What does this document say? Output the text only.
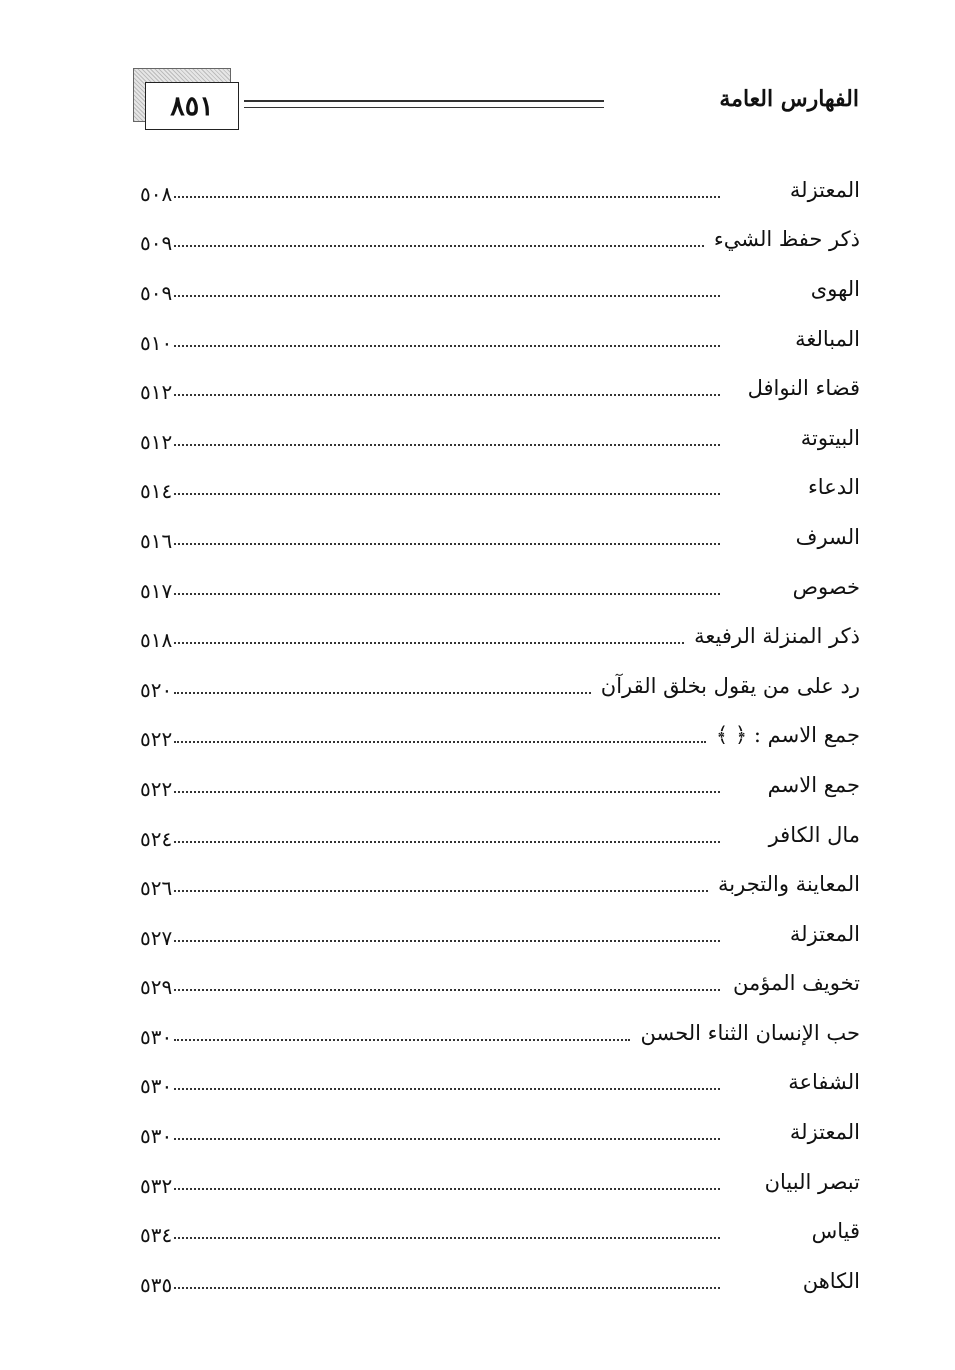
٨٥١	الفهارس العامة
المعتزلة
٥٠٨
ذكر حفظ الشيء
٥٠٩
الهوى
٥٠٩
المبالغة
٥١٠
قضاء النوافل
٥١٢
البيتوتة
٥١٢
الدعاء
٥١٤
السرف
٥١٦
خصوص
٥١٧
ذكر المنزلة الرفيعة
٥١٨
رد على من يقول بخلق القرآن
٥٢٠
جمع الاسم : ﴿ ﴾
٥٢٢
جمع الاسم
٥٢٢
مال الكافر
٥٢٤
المعاينة والتجربة
٥٢٦
المعتزلة
٥٢٧
تخويف المؤمن
٥٢٩
حب الإنسان الثناء الحسن
٥٣٠
الشفاعة
٥٣٠
المعتزلة
٥٣٠
تبصر البيان
٥٣٢
قياس
٥٣٤
الكاهن
٥٣٥
